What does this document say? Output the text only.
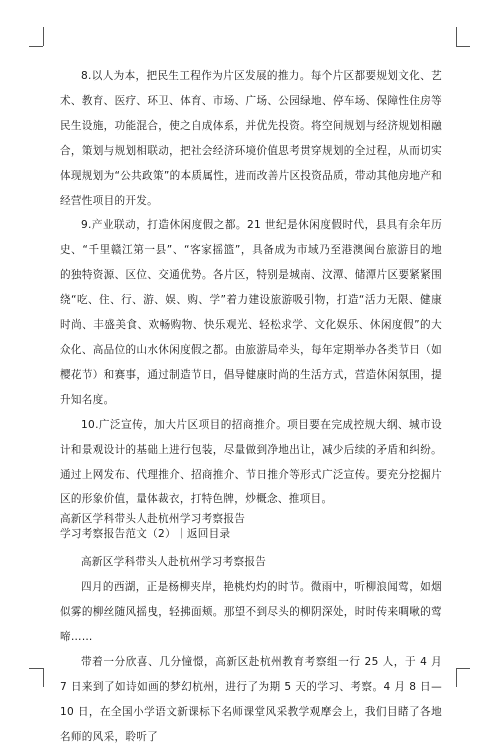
8.以人为本，把民生工程作为片区发展的推力。每个片区都要规划文化、艺术、教育、医疗、环卫、体育、市场、广场、公园绿地、停车场、保障性住房等民生设施，功能混合，使之自成体系，并优先投资。将空间规划与经济规划相融合，策划与规划相联动，把社会经济环境价值思考贯穿规划的全过程，从而切实体现规划为“公共政策”的本质属性，进而改善片区投资品质，带动其他房地产和经营性项目的开发。

9.产业联动，打造休闲度假之都。21 世纪是休闲度假时代，县具有余年历史、“千里赣江第一县”、“客家摇篮”，具备成为市域乃至港澳闽台旅游目的地的独特资源、区位、交通优势。各片区，特别是城南、汶潭、储潭片区要紧紧围绕“吃、住、行、游、娱、购、学”着力建设旅游吸引物，打造“活力无限、健康时尚、丰盛美食、欢畅购物、快乐观光、轻松求学、文化娱乐、休闲度假”的大众化、高品位的山水休闲度假之都。由旅游局牵头，每年定期举办各类节日（如樱花节）和赛事，通过制造节日，倡导健康时尚的生活方式，营造休闲氛围，提升知名度。

10.广泛宣传，加大片区项目的招商推介。项目要在完成控规大纲、城市设计和景观设计的基础上进行包装，尽量做到净地出让，减少后续的矛盾和纠纷。通过上网发布、代理推介、招商推介、节日推介等形式广泛宣传。要充分挖掘片区的形象价值，量体裁衣，打特色牌，炒概念、推项目。

高新区学科带头人赴杭州学习考察报告

学习考察报告范文（2）｜返回目录

高新区学科带头人赴杭州学习考察报告

四月的西湖，正是杨柳夹岸，艳桃灼灼的时节。微雨中，听柳浪闻莺，如烟似雾的柳丝随风摇曳，轻拂面颊。那望不到尽头的柳阴深处，时时传来啁啾的莺啼……

带着一分欣喜、几分憧憬，高新区赴杭州教育考察组一行 25 人，于 4 月 7 日来到了如诗如画的梦幻杭州，进行了为期 5 天的学习、考察。4 月 8 日—10 日，在全国小学语文新课标下名师课堂风采教学观摩会上，我们目睹了各地名师的风采，聆听了
